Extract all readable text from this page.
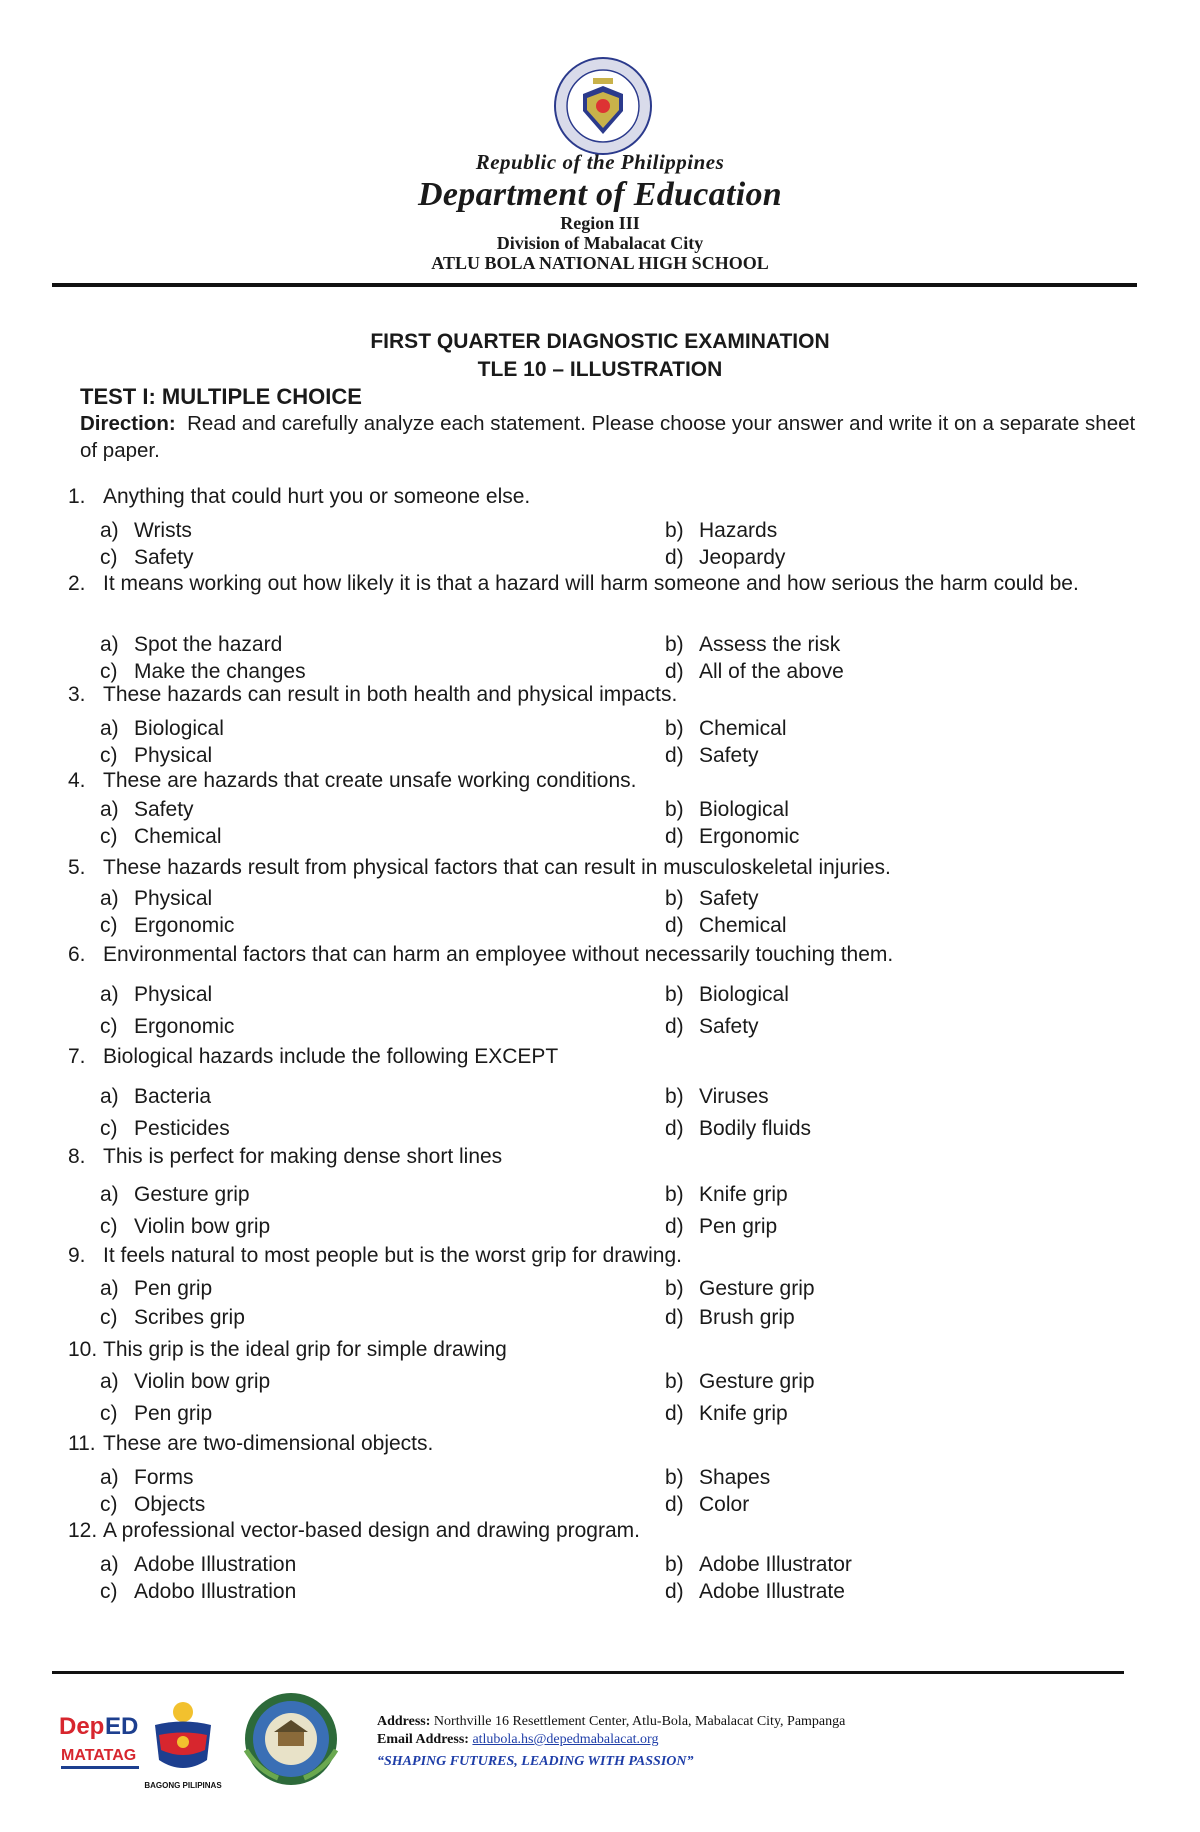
Republic of the Philippines
Department of Education
Region III
Division of Mabalacat City
ATLU BOLA NATIONAL HIGH SCHOOL
FIRST QUARTER DIAGNOSTIC EXAMINATION
TLE 10 – ILLUSTRATION
TEST I: MULTIPLE CHOICE
Direction: Read and carefully analyze each statement. Please choose your answer and write it on a separate sheet of paper.
1. Anything that could hurt you or someone else.
a) Wrists	b) Hazards
c) Safety	d) Jeopardy
2. It means working out how likely it is that a hazard will harm someone and how serious the harm could be.
a) Spot the hazard	b) Assess the risk
c) Make the changes	d) All of the above
3. These hazards can result in both health and physical impacts.
a) Biological	b) Chemical
c) Physical	d) Safety
4. These are hazards that create unsafe working conditions.
a) Safety	b) Biological
c) Chemical	d) Ergonomic
5. These hazards result from physical factors that can result in musculoskeletal injuries.
a) Physical	b) Safety
c) Ergonomic	d) Chemical
6. Environmental factors that can harm an employee without necessarily touching them.
a) Physical	b) Biological
c) Ergonomic	d) Safety
7. Biological hazards include the following EXCEPT
a) Bacteria	b) Viruses
c) Pesticides	d) Bodily fluids
8. This is perfect for making dense short lines
a) Gesture grip	b) Knife grip
c) Violin bow grip	d) Pen grip
9. It feels natural to most people but is the worst grip for drawing.
a) Pen grip	b) Gesture grip
c) Scribes grip	d) Brush grip
10. This grip is the ideal grip for simple drawing
a) Violin bow grip	b) Gesture grip
c) Pen grip	d) Knife grip
11. These are two-dimensional objects.
a) Forms	b) Shapes
c) Objects	d) Color
12. A professional vector-based design and drawing program.
a) Adobe Illustration	b) Adobe Illustrator
c) Adobo Illustration	d) Adobe Illustrate
Dep ED
MATATAG
BAGONG PILIPINAS
Address: Northville 16 Resettlement Center, Atlu-Bola, Mabalacat City, Pampanga
Email Address: atlubola.hs@depedmabalacat.org
“SHAPING FUTURES, LEADING WITH PASSION”
